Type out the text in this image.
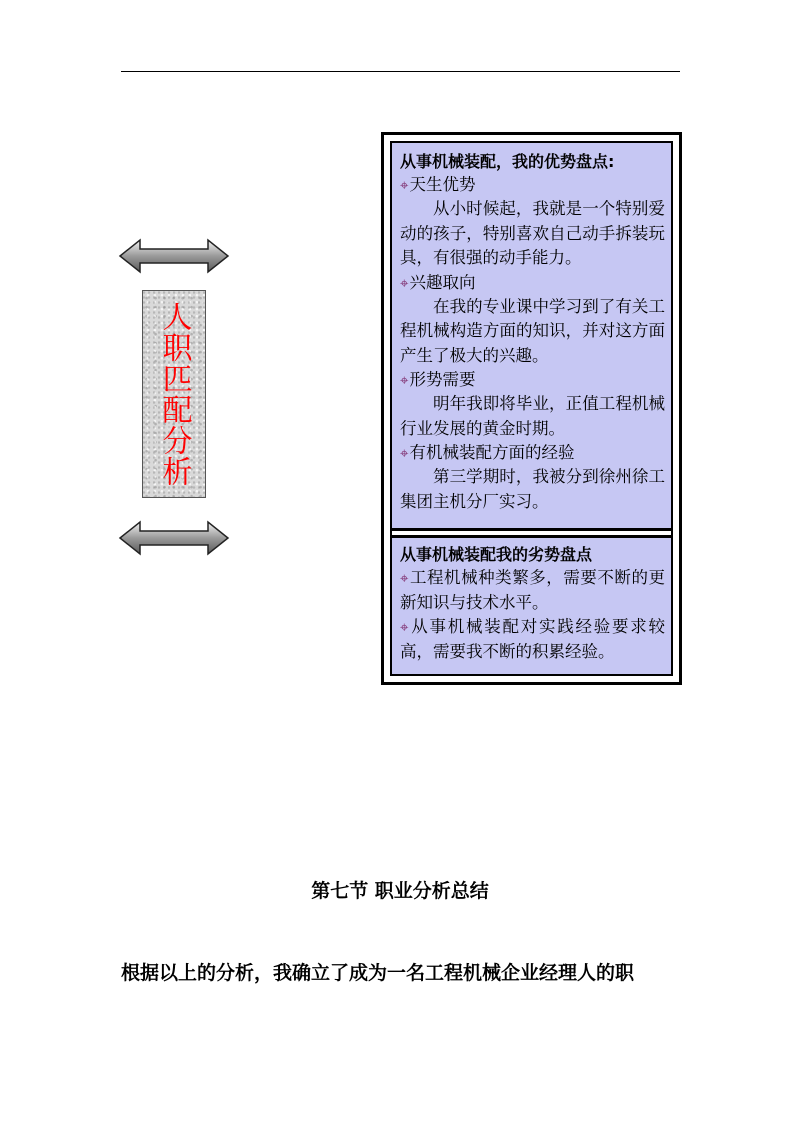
人职匹配分析
从事机械装配，我的优势盘点:
⌖天生优势
从小时候起，我就是一个特别爱动的孩子，特别喜欢自己动手拆装玩具，有很强的动手能力。
⌖兴趣取向
在我的专业课中学习到了有关工程机械构造方面的知识，并对这方面产生了极大的兴趣。
⌖形势需要
明年我即将毕业，正值工程机械行业发展的黄金时期。
⌖有机械装配方面的经验
第三学期时，我被分到徐州徐工集团主机分厂实习。
从事机械装配我的劣势盘点
⌖工程机械种类繁多，需要不断的更新知识与技术水平。
⌖从事机械装配对实践经验要求较高，需要我不断的积累经验。
第七节 职业分析总结
根据以上的分析，我确立了成为一名工程机械企业经理人的职
